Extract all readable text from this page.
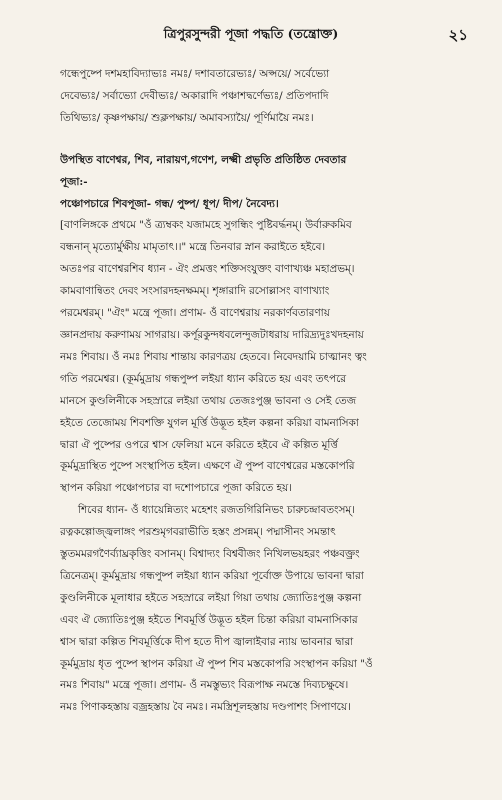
ত্রিপুরসুন্দরী পূজা পদ্ধতি (তন্ত্রোক্ত)	২১
গন্ধেপুষ্পে দশমহাবিদ্যাভ্যঃ নমঃ/ দশাবতারেভ্যঃ/ অপ্সয়ে/ সর্বেভ্যো
দেবেভ্যঃ/ সর্বাভ্যো দেবীভ্যঃ/ অকারাদি পঞ্চাশদ্বর্ণেভ্যঃ/ প্রতিপদাদি
তিথিভ্যঃ/ কৃষ্ণপক্ষায়/ শুক্লপক্ষায়/ অমাবস্যায়ৈ/ পূর্ণিমায়ৈ নমঃ।
উপস্থিত বাণেশ্বর, শিব, নারায়ণ,গণেশ, লক্ষ্মী প্রভৃতি প্রতিষ্ঠিত দেবতার
পূজা:-
পঞ্চোপচারে শিবপূজা- গন্ধ/ পুষ্প/ ধূপ/ দীপ/ নৈবেদ্য।
[বাণলিঙ্গকে প্রথমে "ওঁ ত্র্যম্বকং যজামহে সুগন্ধিং পুষ্টিবর্দ্ধনম্। উর্বারুকমিব
বন্ধনান্ মৃত্যোর্মুক্ষীয় মামৃতাৎ।।" মন্ত্রে তিনবার স্নান করাইতে হইবে।
অতঃপর বাণেশ্বরশিব ধ্যান - ঐং প্রমত্তং শক্তিসংযুক্তং বাণাখ্যঞ্চ মহাপ্রভম্।
কামবাণান্বিতং দেবং সংসারদহনক্ষমম্। শৃঙ্গারাদি রসোল্লাসং বাণাখ্যাং
পরমেশ্বরম্। "ঐং" মন্ত্রে পূজা। প্রণাম- ওঁ বাণেশ্বরায় নরকার্ণবতারণায়
জ্ঞানপ্রদায় করুণাময় সাগরায়। কর্পূরকুন্দধবলেন্দুজটাধরায় দারিদ্র্যদুঃখদহনায়
নমঃ শিবায়। ওঁ নমঃ শিবায় শান্তায় কারণত্রয় হেতবে। নিবেদয়ামি চাত্মানং ত্বং
গতি পরমেশ্বর। (কূর্মমুদ্রায় গন্ধপুষ্প লইয়া ধ্যান করিতে হয় এবং তৎপরে
মানসে কুণ্ডলিনীকে সহস্রারে লইয়া তথায় তেজঃপুঞ্জ ভাবনা ও সেই তেজ
হইতে তেজোময় শিবশক্তি যুগল মূর্ত্তি উদ্ভূত হইল কল্পনা করিয়া বামনাসিকা
দ্বারা ঐ পুষ্পের ওপরে শ্বাস ফেলিয়া মনে করিতে হইবে ঐ কল্পিত মূর্ত্তি
কূর্মমুদ্রাস্থিত পুষ্পে সংস্থাপিত হইল। এক্ষণে ঐ পুষ্প বাণেশ্বরের মস্তকোপরি
স্থাপন করিয়া পঞ্চোপচার বা দশোপচারে পূজা করিতে হয়।
শিবের ধ্যান- ওঁ ধ্যায়েন্নিত্যং মহেশং রজতগিরিনিভং চারুচন্দ্রাবতংসম্।
রত্নকল্পোজ্জ্বলাঙ্গং পরশুমৃগবরাভীতি হস্তং প্রসন্নম্। পদ্মাসীনং সমন্তাৎ
স্তুতমমরগণৈর্ব্যাঘ্রকৃত্তিং বসানম্। বিশ্বাদ্যং বিশ্ববীজং নিখিলভয়হরং পঞ্চবক্ত্রং
ত্রিনেত্রম্। কূর্মমুদ্রায় গন্ধপুষ্প লইয়া ধ্যান করিয়া পূর্বোক্ত উপায়ে ভাবনা দ্বারা
কুণ্ডলিনীকে মূলাধার হইতে সহস্রারে লইয়া গিয়া তথায় জ্যোতিঃপুঞ্জ কল্পনা
এবং ঐ জ্যোতিঃপুঞ্জ হইতে শিবমূর্ত্তি উদ্ভূত হইল চিন্তা করিয়া বামনাসিকার
শ্বাস দ্বারা কল্পিত শিবমূর্ত্তিকে দীপ হতে দীপ জ্বালাইবার ন্যায় ভাবনার দ্বারা
কূর্মমুদ্রায় ধৃত পুষ্পে স্থাপন করিয়া ঐ পুষ্প শিব মস্তকোপরি সংস্থাপন করিয়া "ওঁ
নমঃ শিবায়" মন্ত্রে পূজা। প্রণাম- ওঁ নমস্তুভ্যং বিরূপাক্ষ নমস্তে দিব্যচক্ষুষে।
নমঃ পিণাকহস্তায় বজ্রহস্তায় বৈ নমঃ। নমস্ত্রিশূলহস্তায় দণ্ডপাশং সিপাণয়ে।
